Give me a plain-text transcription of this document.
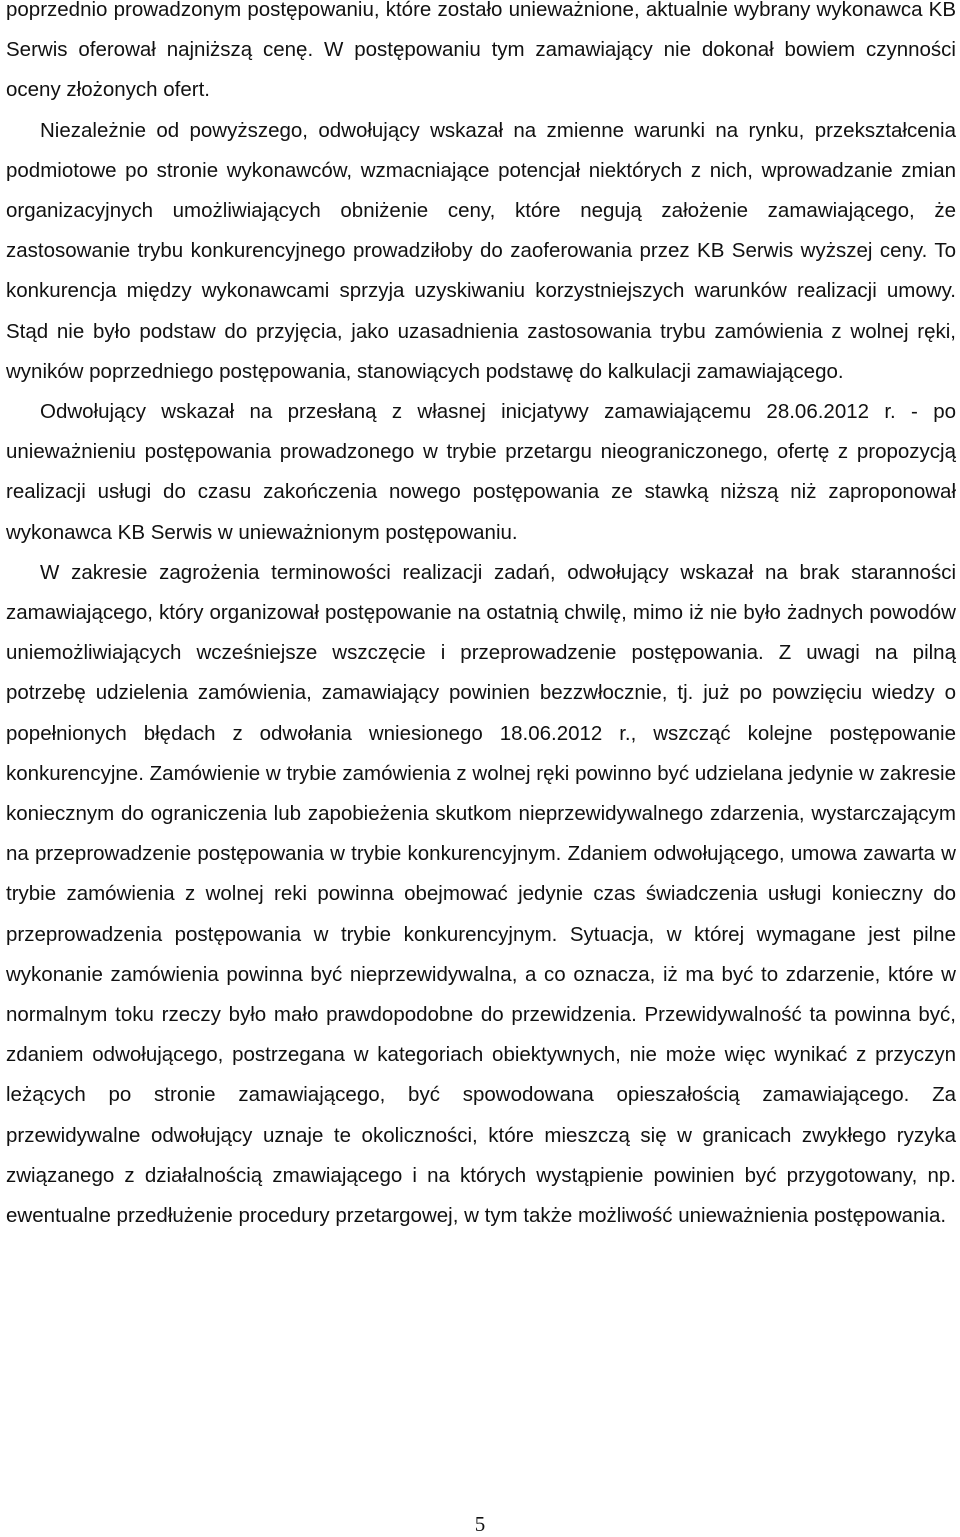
poprzednio prowadzonym postępowaniu, które zostało unieważnione, aktualnie wybrany wykonawca KB Serwis oferował najniższą cenę. W postępowaniu tym zamawiający nie dokonał bowiem czynności oceny złożonych ofert.

Niezależnie od powyższego, odwołujący wskazał na zmienne warunki na rynku, przekształcenia podmiotowe po stronie wykonawców, wzmacniające potencjał niektórych z nich, wprowadzanie zmian organizacyjnych umożliwiających obniżenie ceny, które negują założenie zamawiającego, że zastosowanie trybu konkurencyjnego prowadziłoby do zaoferowania przez KB Serwis wyższej ceny. To konkurencja między wykonawcami sprzyja uzyskiwaniu korzystniejszych warunków realizacji umowy. Stąd nie było podstaw do przyjęcia, jako uzasadnienia zastosowania trybu zamówienia z wolnej ręki, wyników poprzedniego postępowania, stanowiących podstawę do kalkulacji zamawiającego.

Odwołujący wskazał na przesłaną z własnej inicjatywy zamawiającemu 28.06.2012 r. - po unieważnieniu postępowania prowadzonego w trybie przetargu nieograniczonego, ofertę z propozycją realizacji usługi do czasu zakończenia nowego postępowania ze stawką niższą niż zaproponował wykonawca KB Serwis w unieważnionym postępowaniu.

W zakresie zagrożenia terminowości realizacji zadań, odwołujący wskazał na brak staranności zamawiającego, który organizował postępowanie na ostatnią chwilę, mimo iż nie było żadnych powodów uniemożliwiających wcześniejsze wszczęcie i przeprowadzenie postępowania. Z uwagi na pilną potrzebę udzielenia zamówienia, zamawiający powinien bezzwłocznie, tj. już po powzięciu wiedzy o popełnionych błędach z odwołania wniesionego 18.06.2012 r., wszcząć kolejne postępowanie konkurencyjne. Zamówienie w trybie zamówienia z wolnej ręki powinno być udzielana jedynie w zakresie koniecznym do ograniczenia lub zapobieżenia skutkom nieprzewidywalnego zdarzenia, wystarczającym na przeprowadzenie postępowania w trybie konkurencyjnym. Zdaniem odwołującego, umowa zawarta w trybie zamówienia z wolnej reki powinna obejmować jedynie czas świadczenia usługi konieczny do przeprowadzenia postępowania w trybie konkurencyjnym. Sytuacja, w której wymagane jest pilne wykonanie zamówienia powinna być nieprzewidywalna, a co oznacza, iż ma być to zdarzenie, które w normalnym toku rzeczy było mało prawdopodobne do przewidzenia. Przewidywalność ta powinna być, zdaniem odwołującego, postrzegana w kategoriach obiektywnych, nie może więc wynikać z przyczyn leżących po stronie zamawiającego, być spowodowana opieszałością zamawiającego. Za przewidywalne odwołujący uznaje te okoliczności, które mieszczą się w granicach zwykłego ryzyka związanego z działalnością zmawiającego i na których wystąpienie powinien być przygotowany, np. ewentualne przedłużenie procedury przetargowej, w tym także możliwość unieważnienia postępowania.

5
